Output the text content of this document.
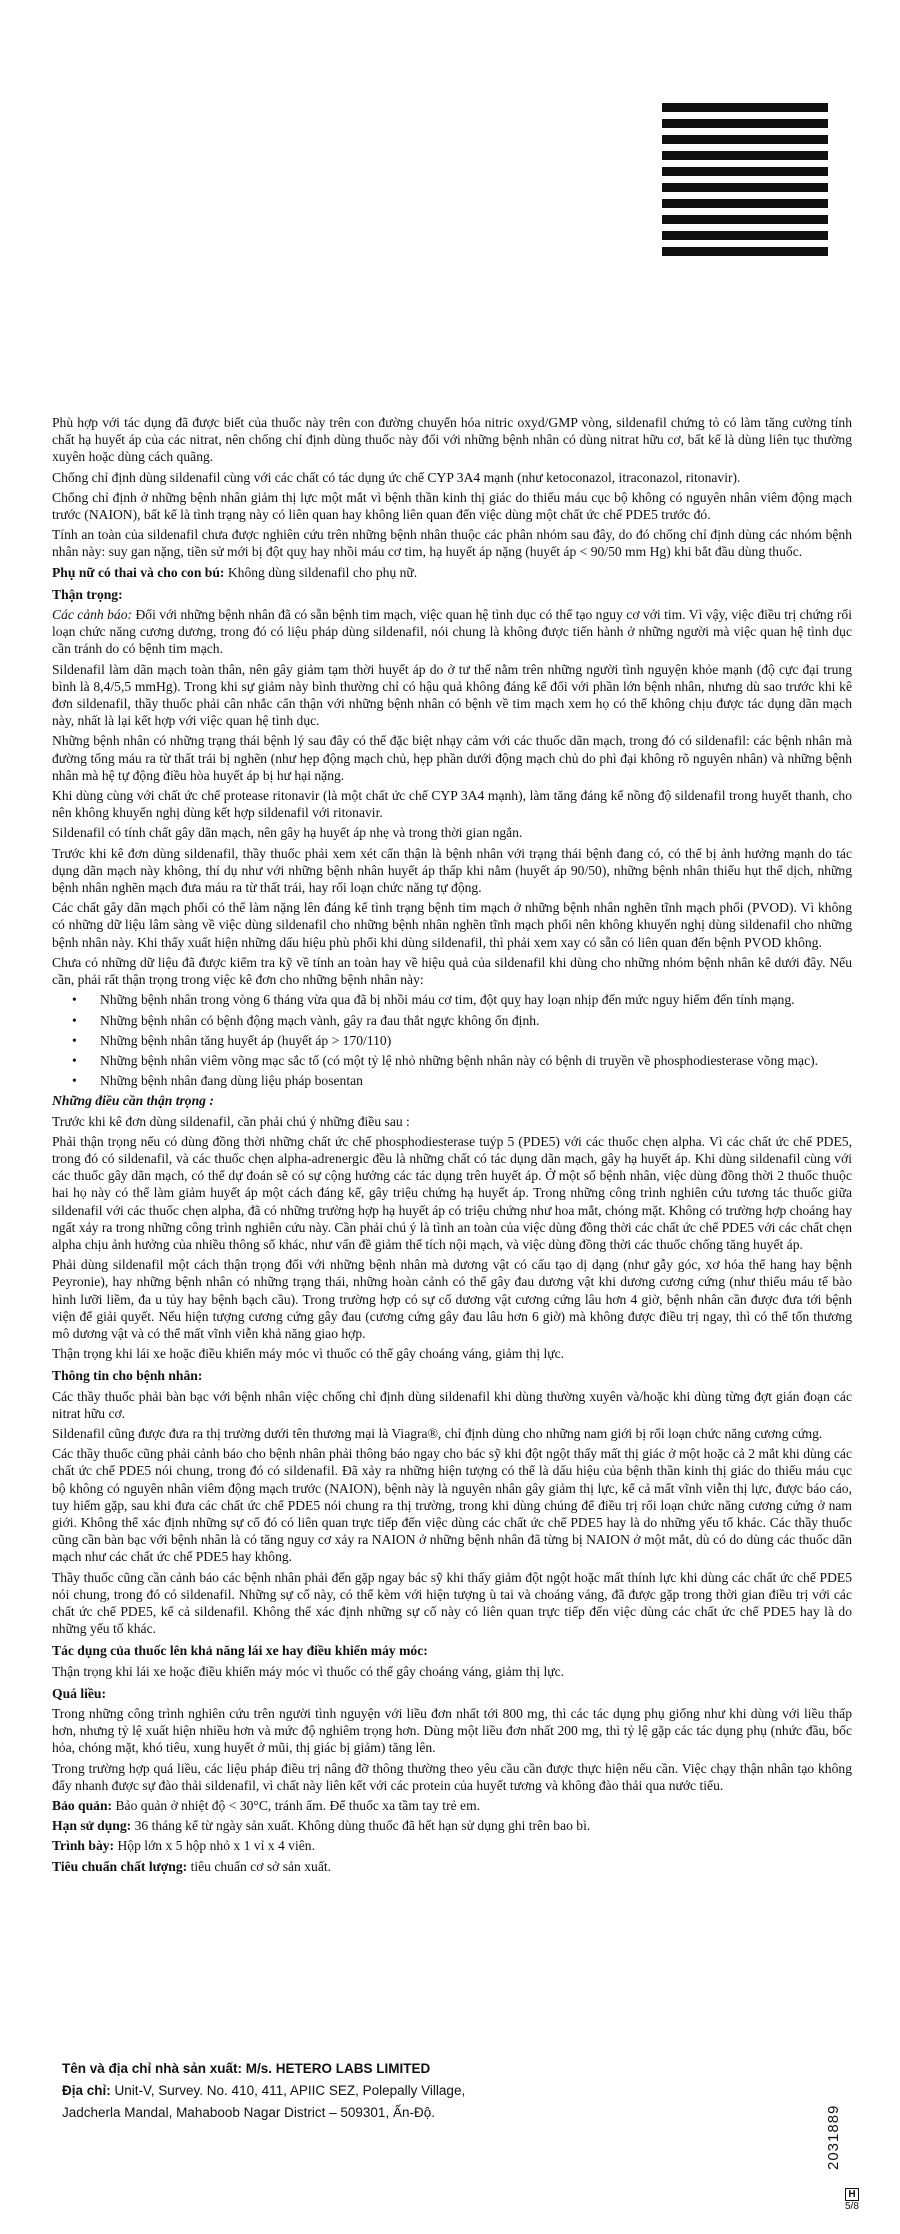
Phù hợp với tác dụng đã được biết của thuốc này trên con đường chuyển hóa nitric oxyd/GMP vòng, sildenafil chứng tỏ có làm tăng cường tính chất hạ huyết áp của các nitrat, nên chống chỉ định dùng thuốc này đối với những bệnh nhân có dùng nitrat hữu cơ, bất kể là dùng liên tục thường xuyên hoặc dùng cách quãng.

Chống chỉ định dùng sildenafil cùng với các chất có tác dụng ức chế CYP 3A4 mạnh (như ketoconazol, itraconazol, ritonavir).

Chống chỉ định ở những bệnh nhân giảm thị lực một mắt vì bệnh thần kinh thị giác do thiếu máu cục bộ không có nguyên nhân viêm động mạch trước (NAION), bất kể là tình trạng này có liên quan hay không liên quan đến việc dùng một chất ức chế PDE5 trước đó.

Tính an toàn của sildenafil chưa được nghiên cứu trên những bệnh nhân thuộc các phân nhóm sau đây, do đó chống chỉ định dùng các nhóm bệnh nhân này: suy gan nặng, tiền sử mới bị đột quỵ hay nhồi máu cơ tim, hạ huyết áp nặng (huyết áp < 90/50 mm Hg) khi bắt đầu dùng thuốc.

Phụ nữ có thai và cho con bú: Không dùng sildenafil cho phụ nữ.

Thận trọng:

Các cảnh báo: Đối với những bệnh nhân đã có sẵn bệnh tim mạch, việc quan hệ tình dục có thể tạo nguy cơ với tim. Vì vậy, việc điều trị chứng rối loạn chức năng cương dương, trong đó có liệu pháp dùng sildenafil, nói chung là không được tiến hành ở những người mà việc quan hệ tình dục cần tránh do có bệnh tim mạch.

Sildenafil làm dãn mạch toàn thân, nên gây giảm tạm thời huyết áp do ở tư thế nằm trên những người tình nguyện khỏe mạnh (độ cực đại trung bình là 8,4/5,5 mmHg). Trong khi sự giảm này bình thường chỉ có hậu quả không đáng kể đối với phần lớn bệnh nhân, nhưng dù sao trước khi kê đơn sildenafil, thầy thuốc phải cân nhắc cẩn thận với những bệnh nhân có bệnh về tim mạch xem họ có thể không chịu được tác dụng dãn mạch này, nhất là lại kết hợp với việc quan hệ tình dục.

Những bệnh nhân có những trạng thái bệnh lý sau đây có thể đặc biệt nhạy cảm với các thuốc dãn mạch, trong đó có sildenafil: các bệnh nhân mà đường tống máu ra từ thất trái bị nghẽn (như hẹp động mạch chủ, hẹp phần dưới động mạch chủ do phì đại không rõ nguyên nhân) và những bệnh nhân mà hệ tự động điều hòa huyết áp bị hư hại nặng.

Khi dùng cùng với chất ức chế protease ritonavir (là một chất ức chế CYP 3A4 mạnh), làm tăng đáng kể nồng độ sildenafil trong huyết thanh, cho nên không khuyến nghị dùng kết hợp sildenafil với ritonavir.

Sildenafil có tính chất gây dãn mạch, nên gây hạ huyết áp nhẹ và trong thời gian ngắn.

Trước khi kê đơn dùng sildenafil, thầy thuốc phải xem xét cẩn thận là bệnh nhân với trạng thái bệnh đang có, có thể bị ảnh hưởng mạnh do tác dụng dãn mạch này không, thí dụ như với những bệnh nhân huyết áp thấp khi nằm (huyết áp 90/50), những bệnh nhân thiếu hụt thể dịch, những bệnh nhân nghẽn mạch đưa máu ra từ thất trái, hay rối loạn chức năng tự động.

Các chất gây dãn mạch phổi có thể làm nặng lên đáng kể tình trạng bệnh tim mạch ở những bệnh nhân nghẽn tĩnh mạch phổi (PVOD). Vì không có những dữ liệu lâm sàng về việc dùng sildenafil cho những bệnh nhân nghẽn tĩnh mạch phổi nên không khuyến nghị dùng sildenafil cho những bệnh nhân này. Khi thấy xuất hiện những dấu hiệu phù phổi khi dùng sildenafil, thì phải xem xay có sẵn có liên quan đến bệnh PVOD không.

Chưa có những dữ liệu đã được kiểm tra kỹ về tính an toàn hay về hiệu quả của sildenafil khi dùng cho những nhóm bệnh nhân kê dưới đây. Nếu cần, phải rất thận trọng trong việc kê đơn cho những bệnh nhân này:

• Những bệnh nhân trong vòng 6 tháng vừa qua đã bị nhồi máu cơ tim, đột quỵ hay loạn nhịp đến mức nguy hiểm đến tính mạng.
• Những bệnh nhân có bệnh động mạch vành, gây ra đau thắt ngực không ổn định.
• Những bệnh nhân tăng huyết áp (huyết áp > 170/110)
• Những bệnh nhân viêm võng mạc sắc tố (có một tỷ lệ nhỏ những bệnh nhân này có bệnh di truyền về phosphodiesterase võng mạc).
• Những bệnh nhân đang dùng liệu pháp bosentan
Những điều cần thận trọng :

Trước khi kê đơn dùng sildenafil, cần phải chú ý những điều sau :

Phải thận trọng nếu có dùng đồng thời những chất ức chế phosphodiesterase tuýp 5 (PDE5) với các thuốc chẹn alpha. Vì các chất ức chế PDE5, trong đó có sildenafil, và các thuốc chẹn alpha-adrenergic đều là những chất có tác dụng dãn mạch, gây hạ huyết áp. Khi dùng sildenafil cùng với các thuốc gây dãn mạch, có thể dự đoán sẽ có sự cộng hưởng các tác dụng trên huyết áp. Ở một số bệnh nhân, việc dùng đồng thời 2 thuốc thuộc hai họ này có thể làm giảm huyết áp một cách đáng kể, gây triệu chứng hạ huyết áp. Trong những công trình nghiên cứu tương tác thuốc giữa sildenafil với các thuốc chẹn alpha, đã có những trường hợp hạ huyết áp có triệu chứng như hoa mắt, chóng mặt. Không có trường hợp choáng hay ngất xảy ra trong những công trình nghiên cứu này. Cần phải chú ý là tình an toàn của việc dùng đồng thời các chất ức chế PDE5 với các chất chẹn alpha chịu ảnh hưởng của nhiều thông số khác, như vấn đề giảm thể tích nội mạch, và việc dùng đồng thời các thuốc chống tăng huyết áp.

Phải dùng sildenafil một cách thận trọng đối với những bệnh nhân mà dương vật có cấu tạo dị dạng (như gẫy góc, xơ hóa thể hang hay bệnh Peyronie), hay những bệnh nhân có những trạng thái, những hoàn cảnh có thể gây đau dương vật khi dương cương cứng (như thiếu máu tế bào hình lưỡi liềm, đa u tủy hay bệnh bạch cầu). Trong trường hợp có sự cố dương vật cương cứng lâu hơn 4 giờ, bệnh nhân cần được đưa tới bệnh viện để giải quyết. Nếu hiện tượng cương cứng gây đau (cương cứng gây đau lâu hơn 6 giờ) mà không được điều trị ngay, thì có thể tổn thương mô dương vật và có thể mất vĩnh viễn khả năng giao hợp.

Thận trọng khi lái xe hoặc điều khiển máy móc vì thuốc có thể gây choáng váng, giảm thị lực.

Thông tin cho bệnh nhân:

Các thầy thuốc phải bàn bạc với bệnh nhân việc chống chỉ định dùng sildenafil khi dùng thường xuyên và/hoặc khi dùng từng đợt gián đoạn các nitrat hữu cơ.

Sildenafil cũng được đưa ra thị trường dưới tên thương mại là Viagra®, chỉ định dùng cho những nam giới bị rối loạn chức năng cương cứng.

Các thầy thuốc cũng phải cảnh báo cho bệnh nhân phải thông báo ngay cho bác sỹ khi đột ngột thấy mất thị giác ở một hoặc cả 2 mắt khi dùng các chất ức chế PDE5 nói chung, trong đó có sildenafil. Đã xảy ra những hiện tượng có thể là dấu hiệu của bệnh thần kinh thị giác do thiếu máu cục bộ không có nguyên nhân viêm động mạch trước (NAION), bệnh này là nguyên nhân gây giảm thị lực, kể cả mất vĩnh viễn thị lực, được báo cáo, tuy hiếm gặp, sau khi đưa các chất ức chế PDE5 nói chung ra thị trường, trong khi dùng chúng để điều trị rối loạn chức năng cương cứng ở nam giới. Không thể xác định những sự cố đó có liên quan trực tiếp đến việc dùng các chất ức chế PDE5 hay là do những yếu tố khác. Các thầy thuốc cũng cần bàn bạc với bệnh nhân là có tăng nguy cơ xảy ra NAION ở những bệnh nhân đã từng bị NAION ở một mắt, dù có do dùng các thuốc dãn mạch như các chất ức chế PDE5 hay không.

Thầy thuốc cũng cần cảnh báo các bệnh nhân phải đến gặp ngay bác sỹ khi thấy giảm đột ngột hoặc mất thính lực khi dùng các chất ức chế PDE5 nói chung, trong đó có sildenafil. Những sự cố này, có thể kèm với hiện tượng ù tai và choáng váng, đã được gặp trong thời gian điều trị với các chất ức chế PDE5, kể cả sildenafil. Không thể xác định những sự cố này có liên quan trực tiếp đến việc dùng các chất ức chế PDE5 hay là do những yếu tố khác.

Tác dụng của thuốc lên khả năng lái xe hay điều khiển máy móc:

Thận trọng khi lái xe hoặc điều khiển máy móc vì thuốc có thể gây choáng váng, giảm thị lực.

Quá liều:

Trong những công trình nghiên cứu trên người tình nguyện với liều đơn nhất tới 800 mg, thì các tác dụng phụ giống như khi dùng với liều thấp hơn, nhưng tỷ lệ xuất hiện nhiều hơn và mức độ nghiêm trọng hơn. Dùng một liều đơn nhất 200 mg, thì tỷ lệ gặp các tác dụng phụ (nhức đầu, bốc hỏa, chóng mặt, khó tiêu, xung huyết ở mũi, thị giác bị giảm) tăng lên.

Trong trường hợp quá liều, các liệu pháp điều trị nâng đỡ thông thường theo yêu cầu cần được thực hiện nếu cần. Việc chạy thận nhân tạo không đẩy nhanh được sự đào thải sildenafil, vì chất này liên kết với các protein của huyết tương và không đào thải qua nước tiểu.

Bảo quản: Bảo quản ở nhiệt độ < 30°C, tránh ẩm. Để thuốc xa tầm tay trẻ em.

Hạn sử dụng: 36 tháng kể từ ngày sản xuất. Không dùng thuốc đã hết hạn sử dụng ghi trên bao bì.

Trình bày: Hộp lớn x 5 hộp nhỏ x 1 vỉ x 4 viên.

Tiêu chuẩn chất lượng: tiêu chuẩn cơ sở sản xuất.

Tên và địa chỉ nhà sản xuất: M/s. HETERO LABS LIMITED
Địa chỉ: Unit-V, Survey. No. 410, 411, APIIC SEZ, Polepally Village,
Jadcherla Mandal, Mahaboob Nagar District – 509301, Ấn-Độ.	2031889
H
5/8
